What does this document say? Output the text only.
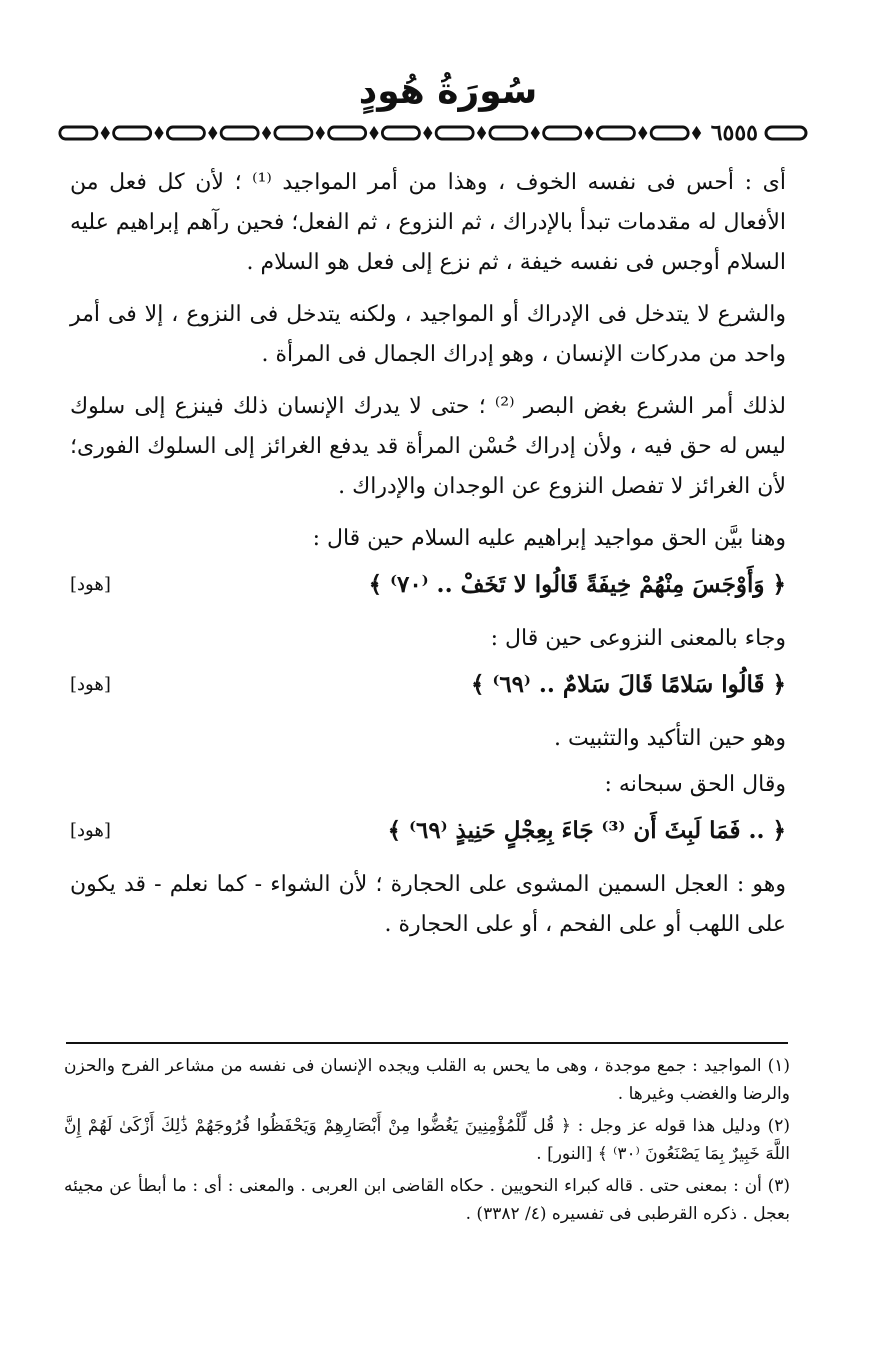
سُورَةُ هُودٍ
٦٥٥٥

أى : أحس فى نفسه الخوف ، وهذا من أمر المواجيد ⁽¹⁾ ؛ لأن كل فعل من الأفعال له مقدمات تبدأ بالإدراك ، ثم النزوع ، ثم الفعل؛ فحين رآهم إبراهيم عليه السلام أوجس فى نفسه خيفة ، ثم نزع إلى فعل هو السلام .

والشرع لا يتدخل فى الإدراك أو المواجيد ، ولكنه يتدخل فى النزوع ، إلا فى أمر واحد من مدركات الإنسان ، وهو إدراك الجمال فى المرأة .

لذلك أمر الشرع بغض البصر ⁽²⁾ ؛ حتى لا يدرك الإنسان ذلك فينزع إلى سلوك ليس له حق فيه ، ولأن إدراك حُسْن المرأة قد يدفع الغرائز إلى السلوك الفورى؛ لأن الغرائز لا تفصل النزوع عن الوجدان والإدراك .

وهنا بيَّن الحق مواجيد إبراهيم عليه السلام حين قال :

﴿ وَأَوْجَسَ مِنْهُمْ خِيفَةً قَالُوا لا تَخَفْ .. ⁽٧٠⁾ ﴾
[هود]

وجاء بالمعنى النزوعى حين قال :

﴿ قَالُوا سَلامًا قَالَ سَلامٌ .. ⁽٦٩⁾ ﴾
[هود]

وهو حين التأكيد والتثبيت .

وقال الحق سبحانه :

﴿ .. فَمَا لَبِثَ أَن ⁽³⁾ جَاءَ بِعِجْلٍ حَنِيذٍ ⁽٦٩⁾ ﴾
[هود]

وهو : العجل السمين المشوى على الحجارة ؛ لأن الشواء - كما نعلم - قد يكون على اللهب أو على الفحم ، أو على الحجارة .

(١) المواجيد : جمع موجدة ، وهى ما يحس به القلب ويجده الإنسان فى نفسه من مشاعر الفرح والحزن والرضا والغضب وغيرها .

(٢) ودليل هذا قوله عز وجل : ﴿ قُل لِّلْمُؤْمِنِينَ يَغُضُّوا مِنْ أَبْصَارِهِمْ وَيَحْفَظُوا فُرُوجَهُمْ ذَٰلِكَ أَزْكَىٰ لَهُمْ إِنَّ اللَّهَ خَبِيرٌ بِمَا يَصْنَعُونَ ⁽٣٠⁾ ﴾ [النور] .

(٣) أن : بمعنى حتى . قاله كبراء النحويين . حكاه القاضى ابن العربى . والمعنى : أى : ما أبطأ عن مجيئه بعجل . ذكره القرطبى فى تفسيره (٤/ ٣٣٨٢) .
